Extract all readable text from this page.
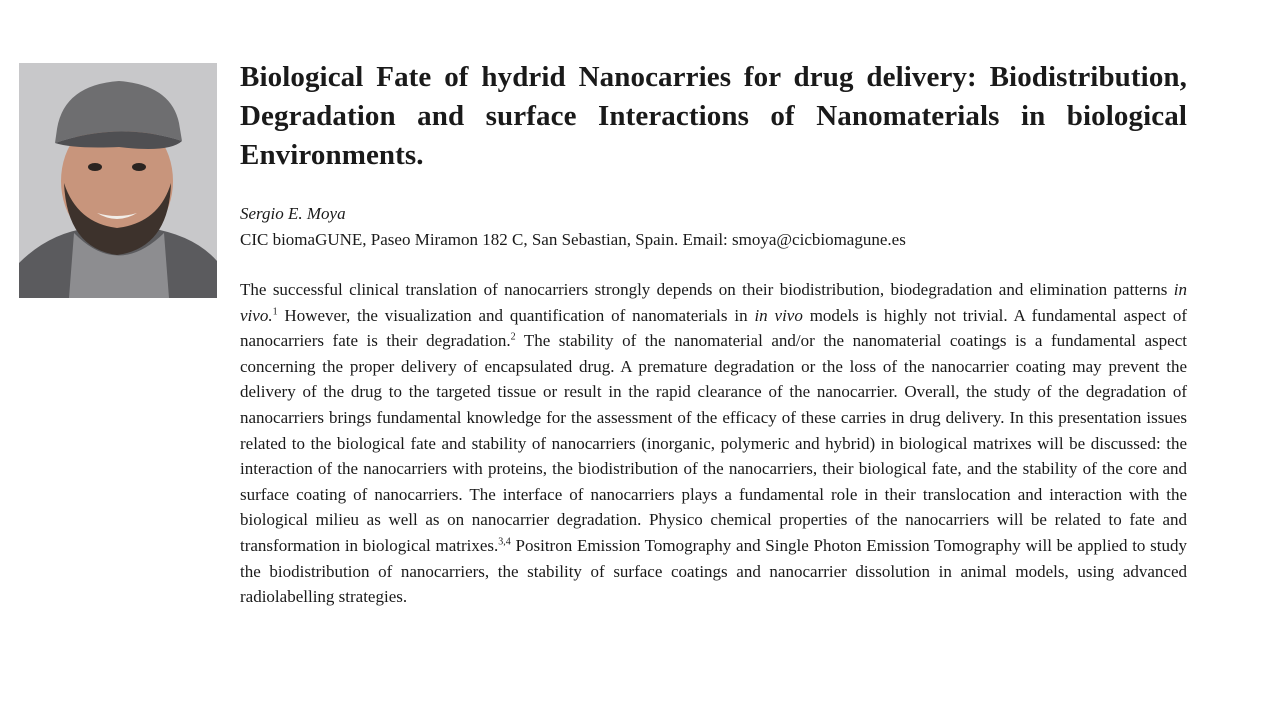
Biological Fate of hydrid Nanocarries for drug delivery: Biodistribution, Degradation and surface Interactions of Nanomaterials in biological Environments.
Sergio E. Moya
CIC biomaGUNE, Paseo Miramon 182 C, San Sebastian, Spain. Email: smoya@cicbiomagune.es
The successful clinical translation of nanocarriers strongly depends on their biodistribution, biodegradation and elimination patterns in vivo.$^1$ However, the visualization and quantification of nanomaterials in in vivo models is highly not trivial. A fundamental aspect of nanocarriers fate is their degradation.$^2$ The stability of the nanomaterial and/or the nanomaterial coatings is a fundamental aspect concerning the proper delivery of encapsulated drug. A premature degradation or the loss of the nanocarrier coating may prevent the delivery of the drug to the targeted tissue or result in the rapid clearance of the nanocarrier. Overall, the study of the degradation of nanocarriers brings fundamental knowledge for the assessment of the efficacy of these carries in drug delivery. In this presentation issues related to the biological fate and stability of nanocarriers (inorganic, polymeric and hybrid) in biological matrixes will be discussed: the interaction of the nanocarriers with proteins, the biodistribution of the nanocarriers, their biological fate, and the stability of the core and surface coating of nanocarriers. The interface of nanocarriers plays a fundamental role in their translocation and interaction with the biological milieu as well as on nanocarrier degradation. Physico chemical properties of the nanocarriers will be related to fate and transformation in biological matrixes.$^{3,4}$ Positron Emission Tomography and Single Photon Emission Tomography will be applied to study the biodistribution of nanocarriers, the stability of surface coatings and nanocarrier dissolution in animal models, using advanced radiolabelling strategies.
